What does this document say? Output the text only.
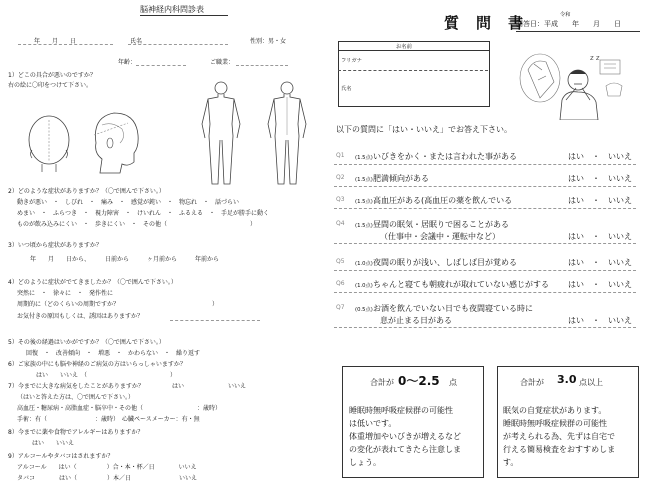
脳神経内科問診表
年　　月　　日	氏名	性別：男・女
年齢：	ご職業：
1）どこの具合が悪いのですか？
右の絵に〇印をつけて下さい。
2）どのような症状がありますか？（〇で囲んで下さい。）
動きが悪い　・　しびれ　・　痛み　・　感覚が鈍い　・　物忘れ　・　話づらい
めまい　・　ふらつき　・　視力障害　・　けいれん　・　ふるえる　・　手足が勝手に動く
ものが飲み込みにくい　・　歩きにくい　・　その他（	）
3）いつ頃から症状がありますか？
年　　月　　日から、　　　日前から　　　ヶ月前から　　　年前から
4）どのように症状がでてきましたか？（〇で囲んで下さい。）
突然に　・　徐々に　・　発作性に
周期的に（どのくらいの周期ですか？	）
お気付きの原因もしくは、誘因はありますか？
5）その後の経過はいかがですか？（〇で囲んで下さい。）
回復　・　改善傾向　・　増悪　・　かわらない　・　繰り返す
6）ご家族の中にも脳や神経のご病気の方はいらっしゃいますか？
はい　　いいえ　（	）
7）今までに大きな病気をしたことがありますか？	はい	いいえ
（はいと答えた方は、〇で囲んで下さい。）
高血圧・糖尿病・高脂血症・脳卒中・その他（　　　　　　　　　：歳時）
手術：有（　　　　　　　　：歳時）　心臓ペースメーカー：有・無
8）今までに薬や食物でアレルギーはありますか？
はい　　いいえ
9）アルコールやタバコはされますか？
アルコール　　はい（　　　　　）合・本・杯／日　　　　いいえ
タバコ　　　　はい（　　　　　）本／日　　　　　　　　いいえ
質　問　書	令和
回答日：平成　　年　　月　　日
お名前
フリガナ
氏名
z z
以下の質問に「はい・いいえ」でお答え下さい。
Q1 (1.5点) いびきをかく・または言われた事がある	はい　・　いいえ
Q2 (1.5点) 肥満傾向がある	はい　・　いいえ
Q3 (1.5点) 高血圧がある(高血圧の薬を飲んでいる	はい　・　いいえ
Q4 (1.5点) 昼間の眠気・居眠りで困ることがある
（仕事中・会議中・運転中など）	はい　・　いいえ
Q5 (1.0点) 夜間の眠りが浅い、しばしば目が覚める	はい　・　いいえ
Q6 (1.0点) ちゃんと寝ても朝疲れが取れていない感じがする はい　・　いいえ
Q7 (0.5点) お酒を飲んでいない日でも夜間寝ている時に
息が止まる日がある	はい　・　いいえ
合計が 0〜2.5 点
睡眠時無呼吸症候群の可能性
は低いです。
体重増加やいびきが増えるなど
の変化が表れてきたら注意しま
しょう。
合計が 3.0 点以上
眠気の自覚症状があります。
睡眠時無呼吸症候群の可能性
が考えられる為、先ずは自宅で
行える簡易検査をおすすめしま
す。
